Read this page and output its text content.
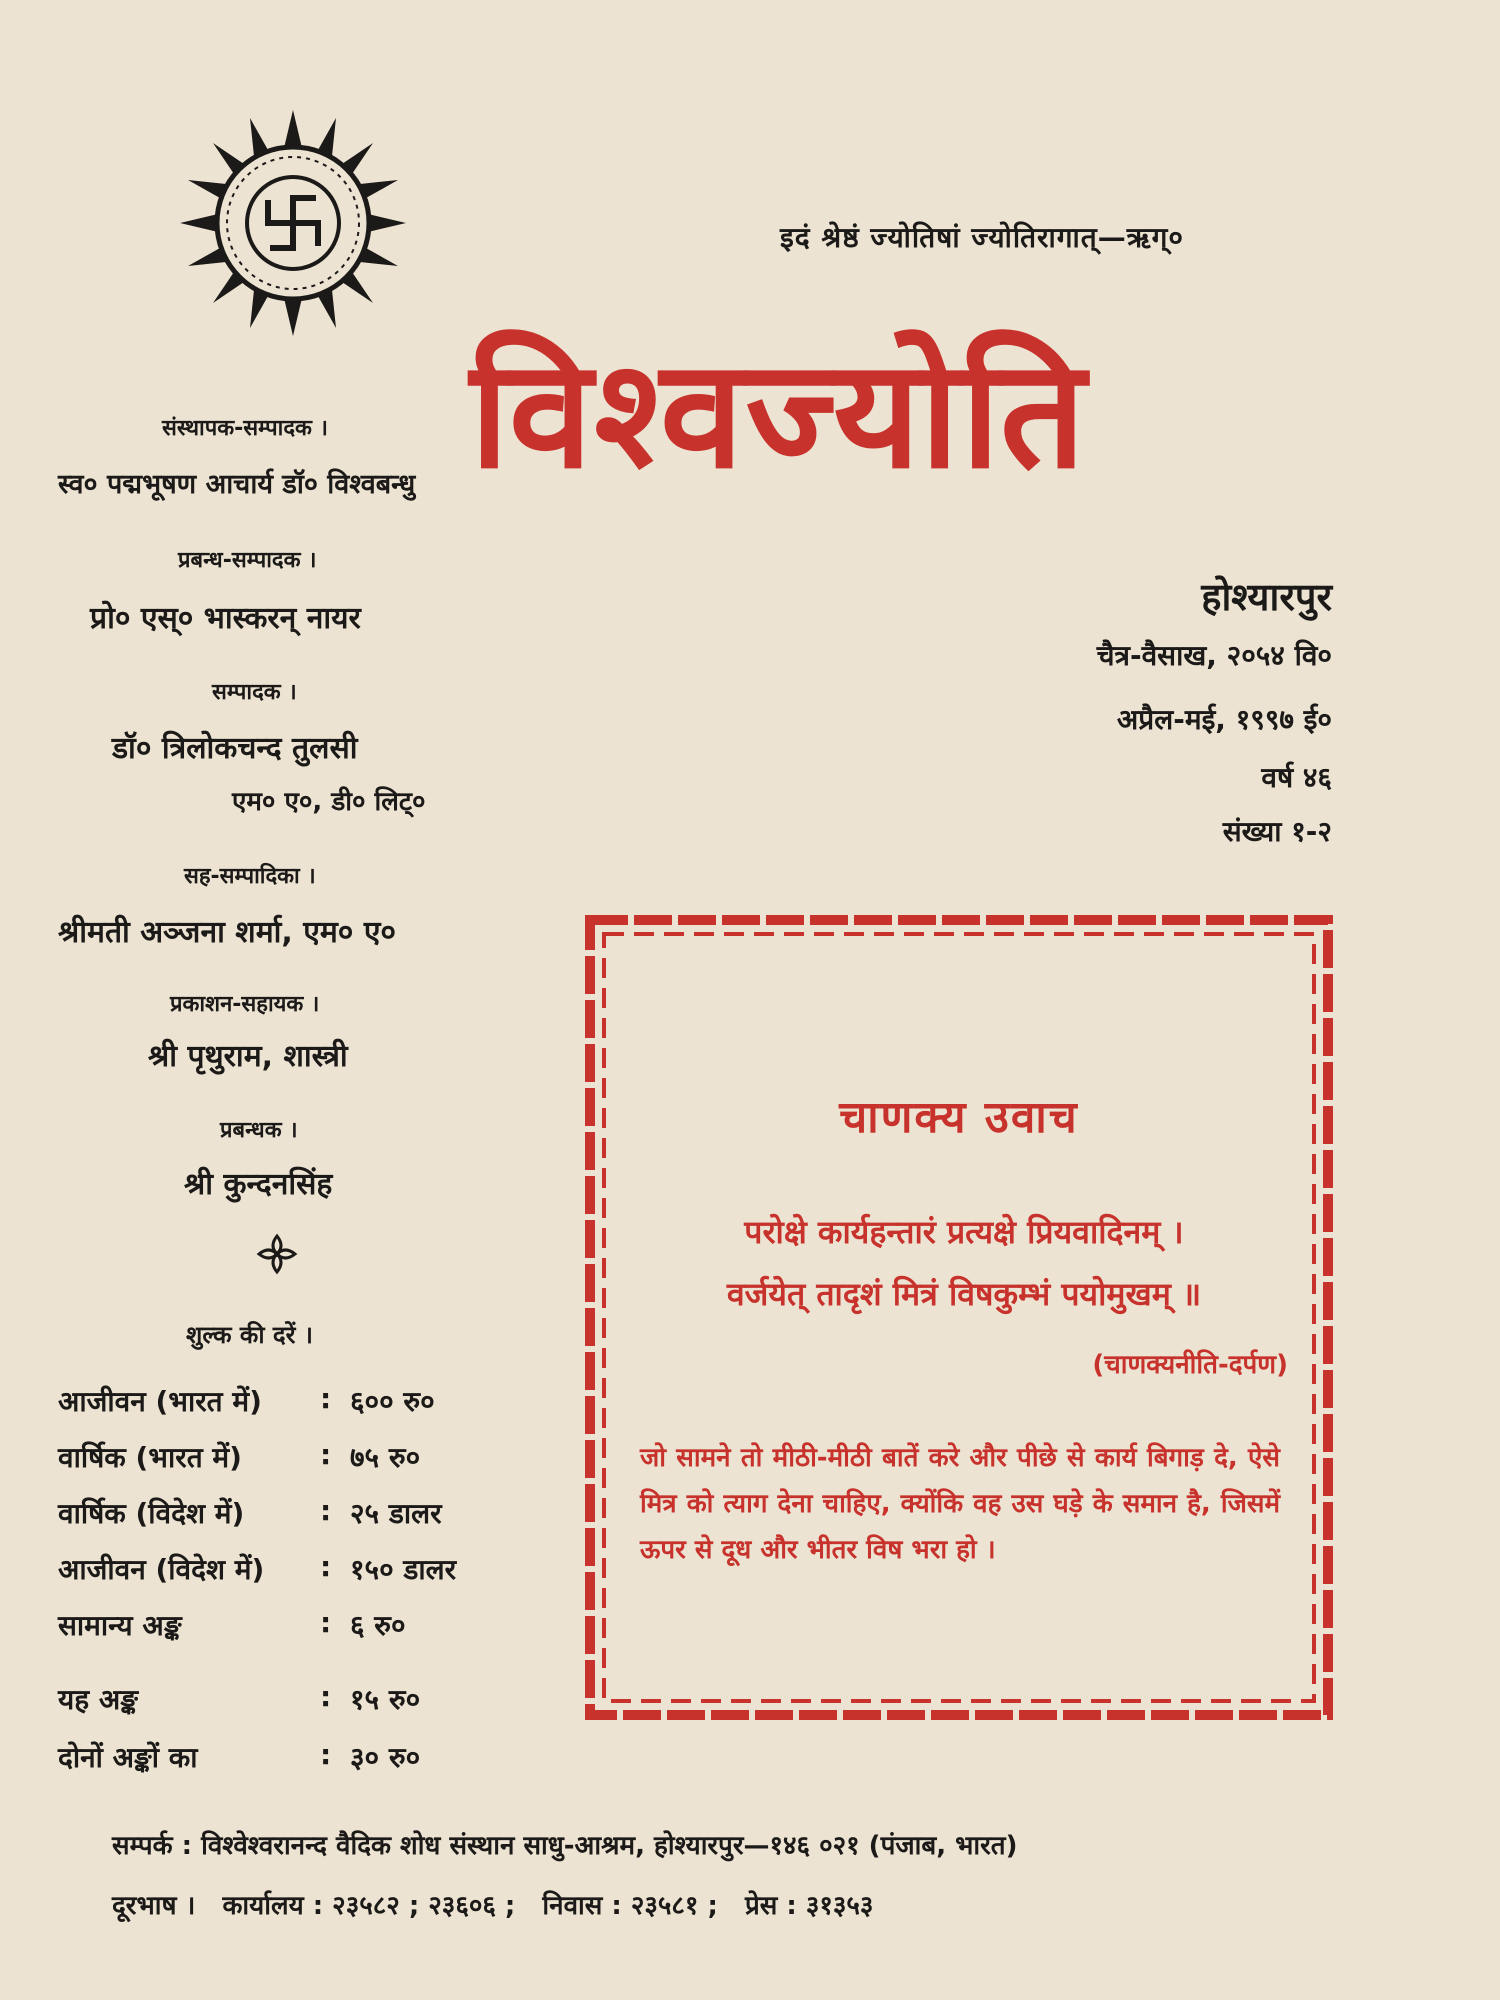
इदं श्रेष्ठं ज्योतिषां ज्योतिरागात्—ऋग्०
विश्वज्योति
होश्यारपुर
चैत्र-वैसाख, २०५४ वि०
अप्रैल-मई, १९९७ ई०
वर्ष ४६
संख्या १-२
संस्थापक-सम्पादक ।
स्व० पद्मभूषण आचार्य डॉ० विश्वबन्धु
प्रबन्ध-सम्पादक ।
प्रो० एस्० भास्करन् नायर
सम्पादक ।
डॉ० त्रिलोकचन्द तुलसी
एम० ए०, डी० लिट्०
सह-सम्पादिका ।
श्रीमती अञ्जना शर्मा, एम० ए०
प्रकाशन-सहायक ।
श्री पृथुराम, शास्त्री
प्रबन्धक ।
श्री कुन्दनसिंह
शुल्क की दरें ।
आजीवन (भारत में) : ६०० रु०
वार्षिक (भारत में)	: ७५ रु०
वार्षिक (विदेश में)	: २५ डालर
आजीवन (विदेश में) : १५० डालर
सामान्य अङ्क	: ६ रु०
यह अङ्क	: १५ रु०
दोनों अङ्कों का	: ३० रु०
चाणक्य उवाच
परोक्षे कार्यहन्तारं प्रत्यक्षे प्रियवादिनम् ।
वर्जयेत् तादृशं मित्रं विषकुम्भं पयोमुखम् ॥
(चाणक्यनीति-दर्पण)
जो सामने तो मीठी-मीठी बातें करे और पीछे से कार्य बिगाड़ दे, ऐसे मित्र को त्याग देना चाहिए, क्योंकि वह उस घड़े के समान है, जिसमें ऊपर से दूध और भीतर विष भरा हो ।
सम्पर्क : विश्वेश्वरानन्द वैदिक शोध संस्थान साधु-आश्रम, होश्यारपुर—१४६ ०२१ (पंजाब, भारत)
दूरभाष । कार्यालय : २३५८२ ; २३६०६ ; निवास : २३५८१ ; प्रेस : ३१३५३
